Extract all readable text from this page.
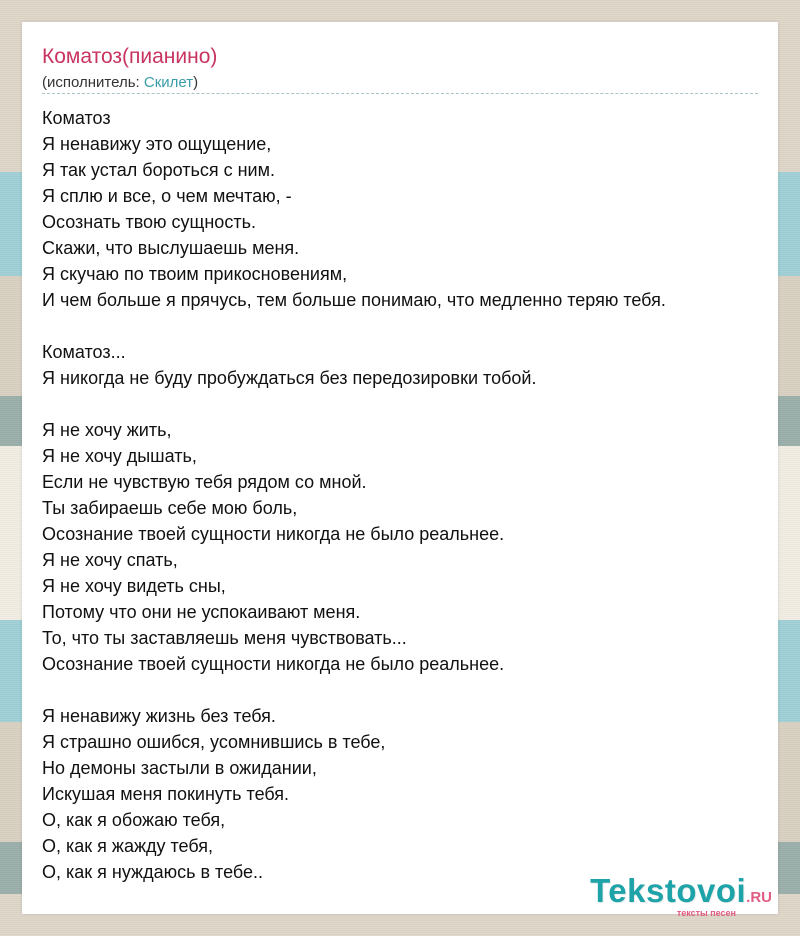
Коматоз(пианино)
(исполнитель: Скилет)
Коматоз
Я ненавижу это ощущение,
Я так устал бороться с ним.
Я сплю и все, о чем мечтаю, -
Осознать твою сущность.
Скажи, что выслушаешь меня.
Я скучаю по твоим прикосновениям,
И чем больше я прячусь, тем больше понимаю, что медленно теряю тебя.
Коматоз...
Я никогда не буду пробуждаться без передозировки тобой.
Я не хочу жить,
Я не хочу дышать,
Если не чувствую тебя рядом со мной.
Ты забираешь себе мою боль,
Осознание твоей сущности никогда не было реальнее.
Я не хочу спать,
Я не хочу видеть сны,
Потому что они не успокаивают меня.
То, что ты заставляешь меня чувствовать...
Осознание твоей сущности никогда не было реальнее.
Я ненавижу жизнь без тебя.
Я страшно ошибся, усомнившись в тебе,
Но демоны застыли в ожидании,
Искушая меня покинуть тебя.
О, как я обожаю тебя,
О, как я жажду тебя,
О, как я нуждаюсь в тебе..	Tekstovoi.RU
тексты песен
